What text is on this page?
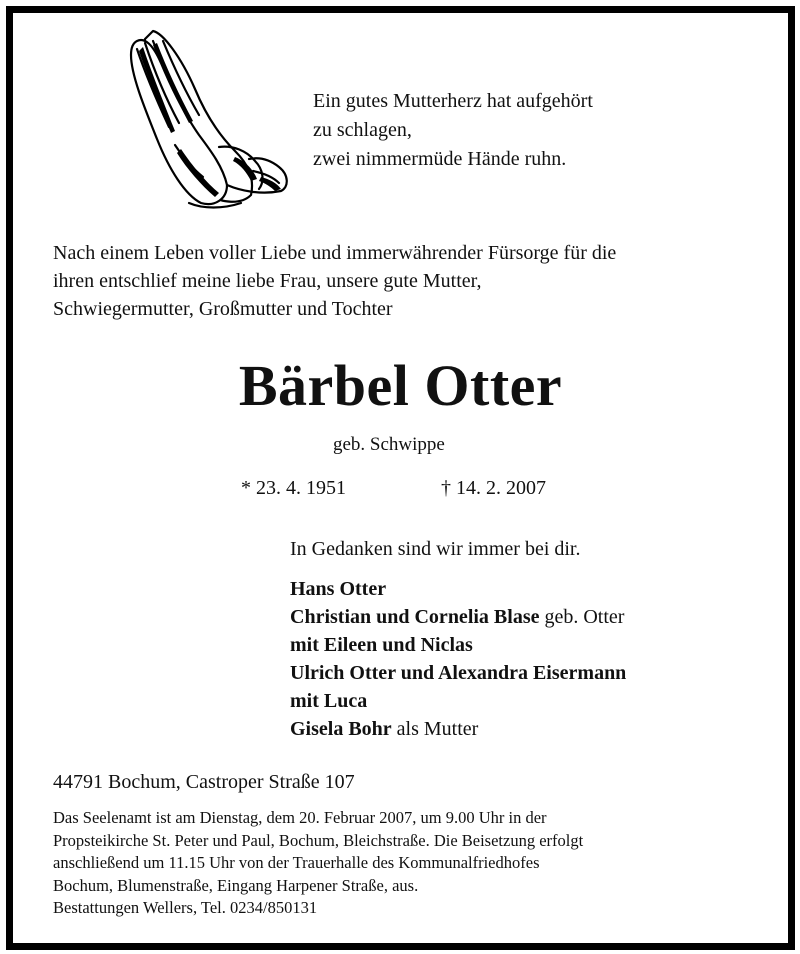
Ein gutes Mutterherz hat aufgehört
zu schlagen,
zwei nimmermüde Hände ruhn.
Nach einem Leben voller Liebe und immerwährender Fürsorge für die
ihren entschlief meine liebe Frau, unsere gute Mutter,
Schwiegermutter, Großmutter und Tochter
Bärbel Otter
geb. Schwippe
* 23. 4. 1951	† 14. 2. 2007
In Gedanken sind wir immer bei dir.
Hans Otter
Christian und Cornelia Blase geb. Otter
mit Eileen und Niclas
Ulrich Otter und Alexandra Eisermann
mit Luca
Gisela Bohr als Mutter
44791 Bochum, Castroper Straße 107
Das Seelenamt ist am Dienstag, dem 20. Februar 2007, um 9.00 Uhr in der
Propsteikirche St. Peter und Paul, Bochum, Bleichstraße. Die Beisetzung erfolgt
anschließend um 11.15 Uhr von der Trauerhalle des Kommunalfriedhofes
Bochum, Blumenstraße, Eingang Harpener Straße, aus.
Bestattungen Wellers, Tel. 0234/850131
